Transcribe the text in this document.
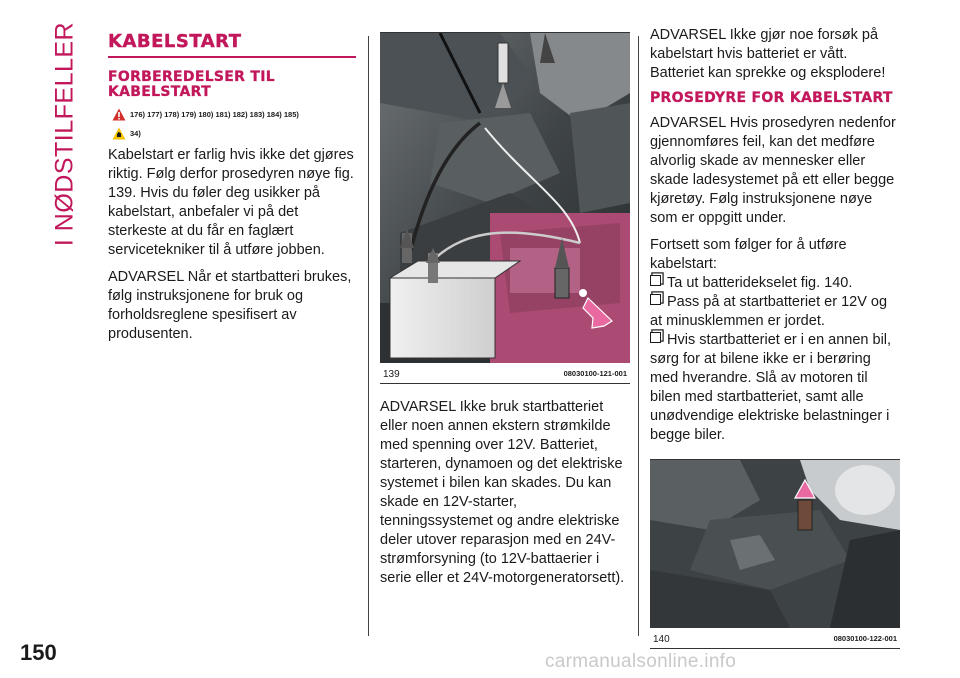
I NØDSTILFELLER
150	carmanualsonline.info
KABELSTART
FORBEREDELSER TIL KABELSTART
176) 177) 178) 179) 180) 181) 182) 183) 184) 185)
34)

Kabelstart er farlig hvis ikke det gjøres riktig. Følg derfor prosedyren nøye fig. 139. Hvis du føler deg usikker på kabelstart, anbefaler vi på det sterkeste at du får en faglært servicetekniker til å utføre jobben.

ADVARSEL Når et startbatteri brukes, følg instruksjonene for bruk og forholdsreglene spesifisert av produsenten.

139	08030100-121-001

ADVARSEL Ikke bruk startbatteriet eller noen annen ekstern strømkilde med spenning over 12V. Batteriet, starteren, dynamoen og det elektriske systemet i bilen kan skades. Du kan skade en 12V-starter, tenningssystemet og andre elektriske deler utover reparasjon med en 24V-strømforsyning (to 12V-battaerier i serie eller et 24V-motorgeneratorsett).

ADVARSEL Ikke gjør noe forsøk på kabelstart hvis batteriet er vått. Batteriet kan sprekke og eksplodere!

PROSEDYRE FOR KABELSTART

ADVARSEL Hvis prosedyren nedenfor gjennomføres feil, kan det medføre alvorlig skade av mennesker eller skade ladesystemet på ett eller begge kjøretøy. Følg instruksjonene nøye som er oppgitt under.

Fortsett som følger for å utføre kabelstart:

Ta ut batteridekselet fig. 140.
Pass på at startbatteriet er 12V og at minusklemmen er jordet.
Hvis startbatteriet er i en annen bil, sørg for at bilene ikke er i berøring med hverandre. Slå av motoren til bilen med startbatteriet, samt alle unødvendige elektriske belastninger i begge biler.
140	08030100-122-001
